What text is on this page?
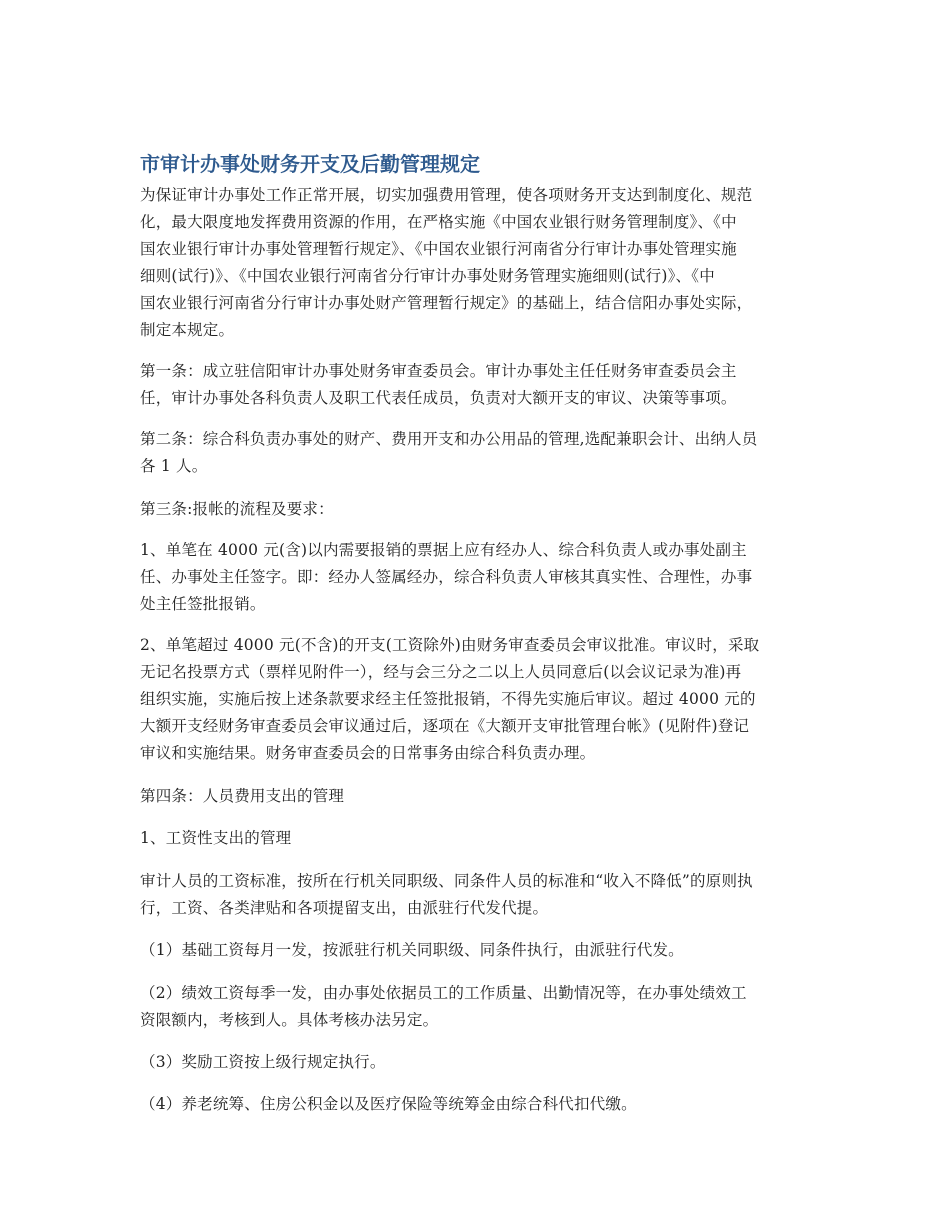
市审计办事处财务开支及后勤管理规定
为保证审计办事处工作正常开展，切实加强费用管理，使各项财务开支达到制度化、规范
化，最大限度地发挥费用资源的作用，在严格实施《中国农业银行财务管理制度》、《中
国农业银行审计办事处管理暂行规定》、《中国农业银行河南省分行审计办事处管理实施
细则(试行)》、《中国农业银行河南省分行审计办事处财务管理实施细则(试行)》、《中
国农业银行河南省分行审计办事处财产管理暂行规定》的基础上，结合信阳办事处实际，
制定本规定。
第一条：成立驻信阳审计办事处财务审查委员会。审计办事处主任任财务审查委员会主
任，审计办事处各科负责人及职工代表任成员，负责对大额开支的审议、决策等事项。
第二条：综合科负责办事处的财产、费用开支和办公用品的管理,选配兼职会计、出纳人员
各 1 人。
第三条:报帐的流程及要求：
1、单笔在 4000 元(含)以内需要报销的票据上应有经办人、综合科负责人或办事处副主
任、办事处主任签字。即：经办人签属经办，综合科负责人审核其真实性、合理性，办事
处主任签批报销。
2、单笔超过 4000 元(不含)的开支(工资除外)由财务审查委员会审议批准。审议时，采取
无记名投票方式（票样见附件一），经与会三分之二以上人员同意后(以会议记录为准)再
组织实施，实施后按上述条款要求经主任签批报销，不得先实施后审议。超过 4000 元的
大额开支经财务审查委员会审议通过后，逐项在《大额开支审批管理台帐》(见附件)登记
审议和实施结果。财务审查委员会的日常事务由综合科负责办理。
第四条：人员费用支出的管理
1、工资性支出的管理
审计人员的工资标准，按所在行机关同职级、同条件人员的标准和“收入不降低”的原则执
行，工资、各类津贴和各项提留支出，由派驻行代发代提。
（1）基础工资每月一发，按派驻行机关同职级、同条件执行，由派驻行代发。
（2）绩效工资每季一发，由办事处依据员工的工作质量、出勤情况等，在办事处绩效工
资限额内，考核到人。具体考核办法另定。
（3）奖励工资按上级行规定执行。
（4）养老统筹、住房公积金以及医疗保险等统筹金由综合科代扣代缴。
